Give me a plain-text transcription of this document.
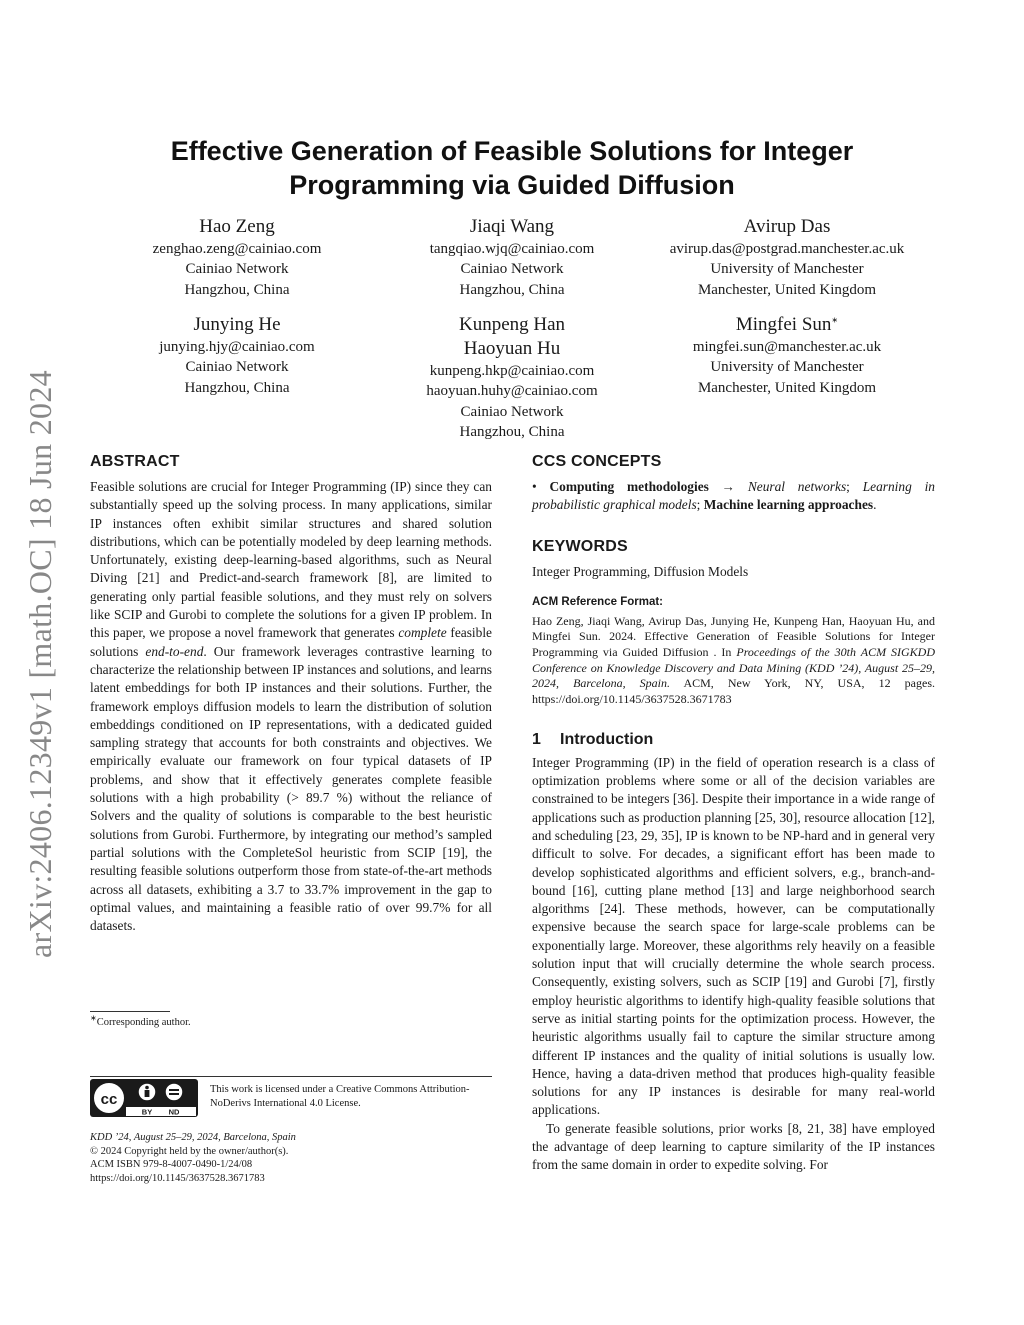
arXiv:2406.12349v1 [math.OC] 18 Jun 2024
Effective Generation of Feasible Solutions for Integer
Programming via Guided Diffusion
Hao Zeng
zenghao.zeng@cainiao.com
Cainiao Network
Hangzhou, China
Jiaqi Wang
tangqiao.wjq@cainiao.com
Cainiao Network
Hangzhou, China
Avirup Das
avirup.das@postgrad.manchester.ac.uk
University of Manchester
Manchester, United Kingdom
Junying He
junying.hjy@cainiao.com
Cainiao Network
Hangzhou, China
Kunpeng Han
Haoyuan Hu
kunpeng.hkp@cainiao.com
haoyuan.huhy@cainiao.com
Cainiao Network
Hangzhou, China
Mingfei Sun∗
mingfei.sun@manchester.ac.uk
University of Manchester
Manchester, United Kingdom
ABSTRACT

Feasible solutions are crucial for Integer Programming (IP) since they can substantially speed up the solving process. In many applications, similar IP instances often exhibit similar structures and shared solution distributions, which can be potentially modeled by deep learning methods. Unfortunately, existing deep-learning-based algorithms, such as Neural Diving [21] and Predict-and-search framework [8], are limited to generating only partial feasible solutions, and they must rely on solvers like SCIP and Gurobi to complete the solutions for a given IP problem. In this paper, we propose a novel framework that generates complete feasible solutions end-to-end. Our framework leverages contrastive learning to characterize the relationship between IP instances and solutions, and learns latent embeddings for both IP instances and their solutions. Further, the framework employs diffusion models to learn the distribution of solution embeddings conditioned on IP representations, with a dedicated guided sampling strategy that accounts for both constraints and objectives. We empirically evaluate our framework on four typical datasets of IP problems, and show that it effectively generates complete feasible solutions with a high probability (> 89.7 %) without the reliance of Solvers and the quality of solutions is comparable to the best heuristic solutions from Gurobi. Furthermore, by integrating our method’s sampled partial solutions with the CompleteSol heuristic from SCIP [19], the resulting feasible solutions outperform those from state-of-the-art methods across all datasets, exhibiting a 3.7 to 33.7% improvement in the gap to optimal values, and maintaining a feasible ratio of over 99.7% for all datasets.

∗Corresponding author.
cc
BY ND
This work is licensed under a Creative Commons Attribution-NoDerivs International 4.0 License.
KDD ’24, August 25–29, 2024, Barcelona, Spain
© 2024 Copyright held by the owner/author(s).
ACM ISBN 979-8-4007-0490-1/24/08
https://doi.org/10.1145/3637528.3671783
CCS CONCEPTS

• Computing methodologies → Neural networks; Learning in probabilistic graphical models; Machine learning approaches.

KEYWORDS

Integer Programming, Diffusion Models

ACM Reference Format:

Hao Zeng, Jiaqi Wang, Avirup Das, Junying He, Kunpeng Han, Haoyuan Hu, and Mingfei Sun. 2024. Effective Generation of Feasible Solutions for Integer Programming via Guided Diffusion . In Proceedings of the 30th ACM SIGKDD Conference on Knowledge Discovery and Data Mining (KDD ’24), August 25–29, 2024, Barcelona, Spain. ACM, New York, NY, USA, 12 pages. https://doi.org/10.1145/3637528.3671783

1 Introduction

Integer Programming (IP) in the field of operation research is a class of optimization problems where some or all of the decision variables are constrained to be integers [36]. Despite their importance in a wide range of applications such as production planning [25, 30], resource allocation [12], and scheduling [23, 29, 35], IP is known to be NP-hard and in general very difficult to solve. For decades, a significant effort has been made to develop sophisticated algorithms and efficient solvers, e.g., branch-and-bound [16], cutting plane method [13] and large neighborhood search algorithms [24]. These methods, however, can be computationally expensive because the search space for large-scale problems can be exponentially large. Moreover, these algorithms rely heavily on a feasible solution input that will crucially determine the whole search process. Consequently, existing solvers, such as SCIP [19] and Gurobi [7], firstly employ heuristic algorithms to identify high-quality feasible solutions that serve as initial starting points for the optimization process. However, the heuristic algorithms usually fail to capture the similar structure among different IP instances and the quality of initial solutions is usually low. Hence, having a data-driven method that produces high-quality feasible solutions for any IP instances is desirable for many real-world applications.

To generate feasible solutions, prior works [8, 21, 38] have employed the advantage of deep learning to capture similarity of the IP instances from the same domain in order to expedite solving. For
